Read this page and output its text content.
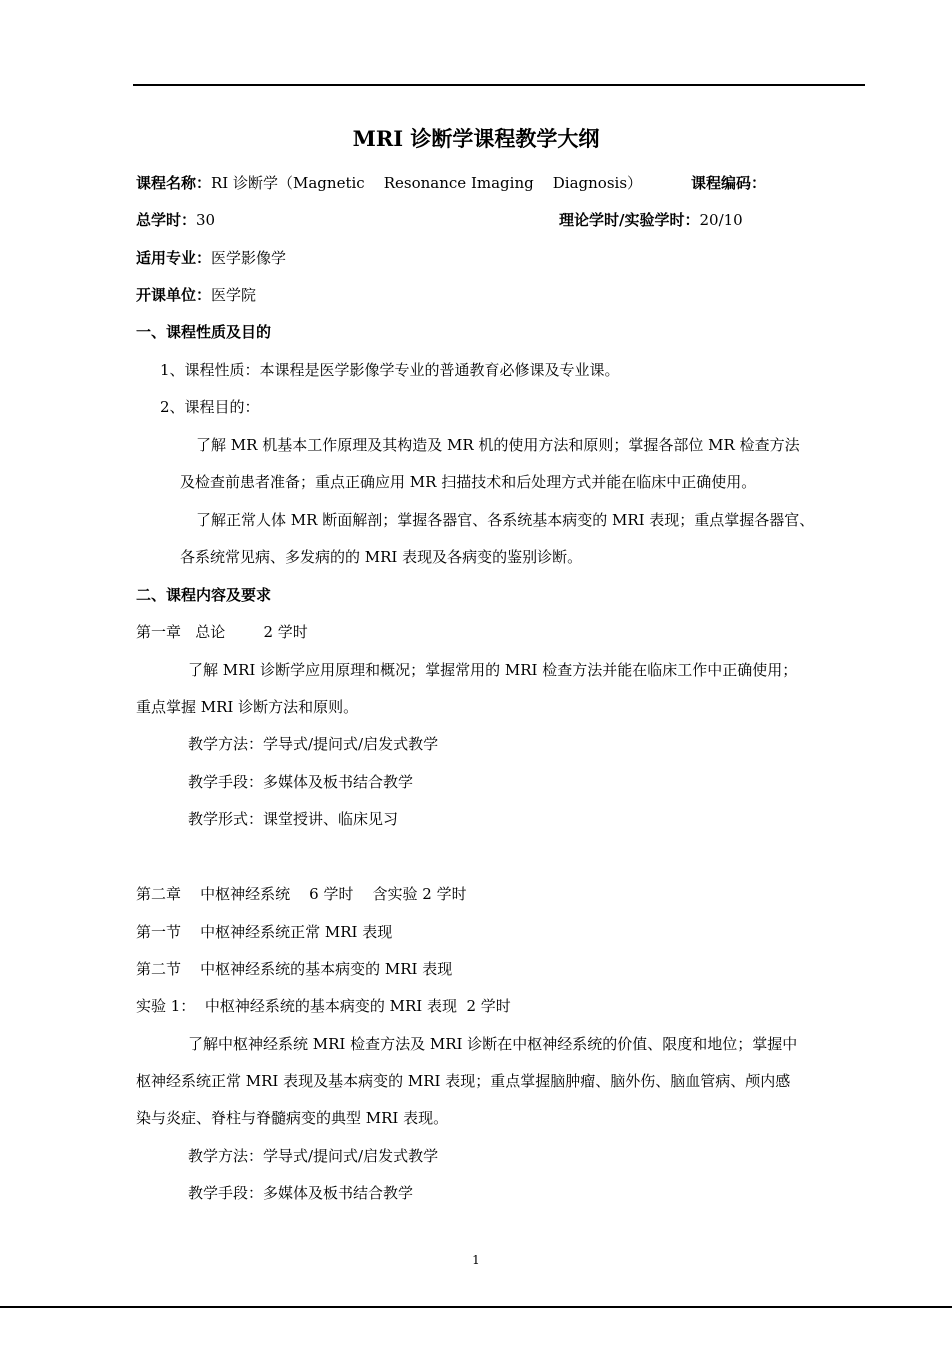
MRI 诊断学课程教学大纲
课程名称：RI 诊断学（Magnetic    Resonance Imaging    Diagnosis）	课程编码：
总学时：30	理论学时/实验学时：20/10
适用专业：医学影像学
开课单位：医学院
一、课程性质及目的
1、课程性质：本课程是医学影像学专业的普通教育必修课及专业课。
2、课程目的：
了解 MR 机基本工作原理及其构造及 MR 机的使用方法和原则；掌握各部位 MR 检查方法
及检查前患者准备；重点正确应用 MR 扫描技术和后处理方式并能在临床中正确使用。
了解正常人体 MR 断面解剖；掌握各器官、各系统基本病变的 MRI 表现；重点掌握各器官、
各系统常见病、多发病的的 MRI 表现及各病变的鉴别诊断。
二、课程内容及要求
第一章   总论        2 学时
了解 MRI 诊断学应用原理和概况；掌握常用的 MRI 检查方法并能在临床工作中正确使用；
重点掌握 MRI 诊断方法和原则。
教学方法：学导式/提问式/启发式教学
教学手段：多媒体及板书结合教学
教学形式：课堂授讲、临床见习
第二章    中枢神经系统    6 学时    含实验 2 学时
第一节    中枢神经系统正常 MRI 表现
第二节    中枢神经系统的基本病变的 MRI 表现
实验 1：  中枢神经系统的基本病变的 MRI 表现  2 学时
了解中枢神经系统 MRI 检查方法及 MRI 诊断在中枢神经系统的价值、限度和地位；掌握中
枢神经系统正常 MRI 表现及基本病变的 MRI 表现；重点掌握脑肿瘤、脑外伤、脑血管病、颅内感
染与炎症、脊柱与脊髓病变的典型 MRI 表现。
教学方法：学导式/提问式/启发式教学
教学手段：多媒体及板书结合教学
1
